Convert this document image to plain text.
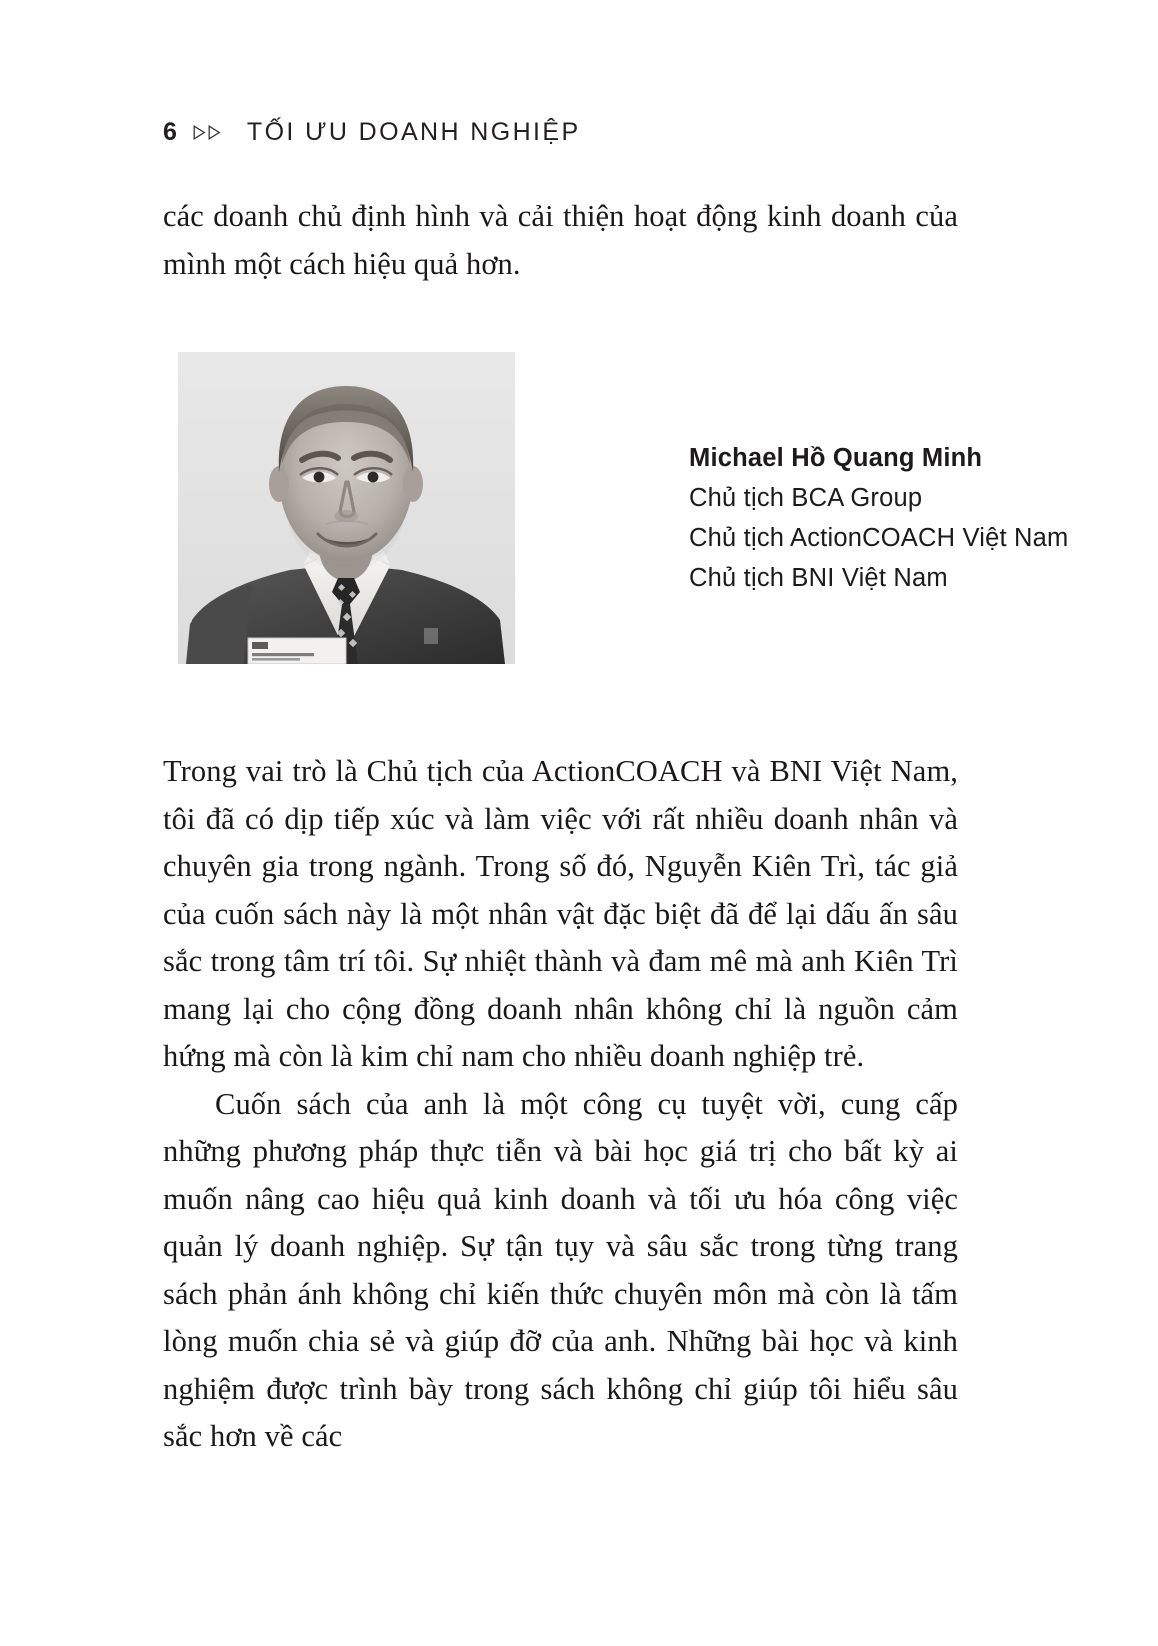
6	TỐI ƯU DOANH NGHIỆP

các doanh chủ định hình và cải thiện hoạt động kinh doanh của mình một cách hiệu quả hơn.

Michael Hồ Quang Minh
Chủ tịch BCA Group
Chủ tịch ActionCOACH Việt Nam
Chủ tịch BNI Việt Nam

Trong vai trò là Chủ tịch của ActionCOACH và BNI Việt Nam, tôi đã có dịp tiếp xúc và làm việc với rất nhiều doanh nhân và chuyên gia trong ngành. Trong số đó, Nguyễn Kiên Trì, tác giả của cuốn sách này là một nhân vật đặc biệt đã để lại dấu ấn sâu sắc trong tâm trí tôi. Sự nhiệt thành và đam mê mà anh Kiên Trì mang lại cho cộng đồng doanh nhân không chỉ là nguồn cảm hứng mà còn là kim chỉ nam cho nhiều doanh nghiệp trẻ.

Cuốn sách của anh là một công cụ tuyệt vời, cung cấp những phương pháp thực tiễn và bài học giá trị cho bất kỳ ai muốn nâng cao hiệu quả kinh doanh và tối ưu hóa công việc quản lý doanh nghiệp. Sự tận tụy và sâu sắc trong từng trang sách phản ánh không chỉ kiến thức chuyên môn mà còn là tấm lòng muốn chia sẻ và giúp đỡ của anh. Những bài học và kinh nghiệm được trình bày trong sách không chỉ giúp tôi hiểu sâu sắc hơn về các
